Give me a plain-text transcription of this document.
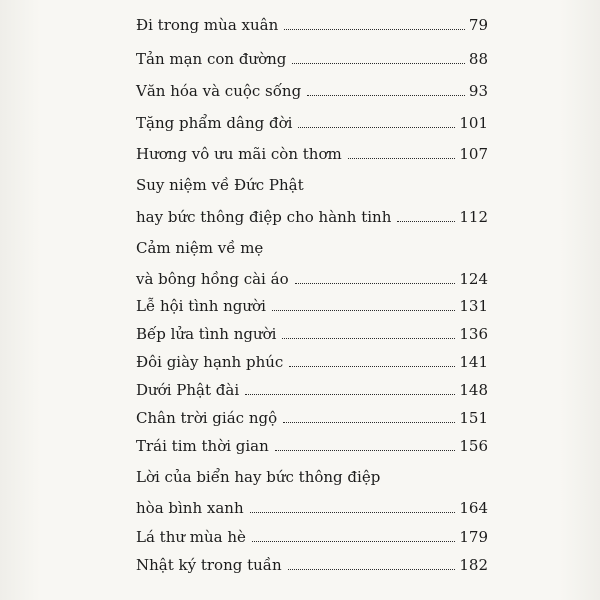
Đi trong mùa xuân	79
Tản mạn con đường	88
Văn hóa và cuộc sống	93
Tặng phẩm dâng đời	101
Hương vô ưu mãi còn thơm	107
Suy niệm về Đức Phật
hay bức thông điệp cho hành tinh	112
Cảm niệm về mẹ
và bông hồng cài áo	124
Lễ hội tình người	131
Bếp lửa tình người	136
Đôi giày hạnh phúc	141
Dưới Phật đài	148
Chân trời giác ngộ	151
Trái tim thời gian	156
Lời của biển hay bức thông điệp
hòa bình xanh	164
Lá thư mùa hè	179
Nhật ký trong tuần	182
